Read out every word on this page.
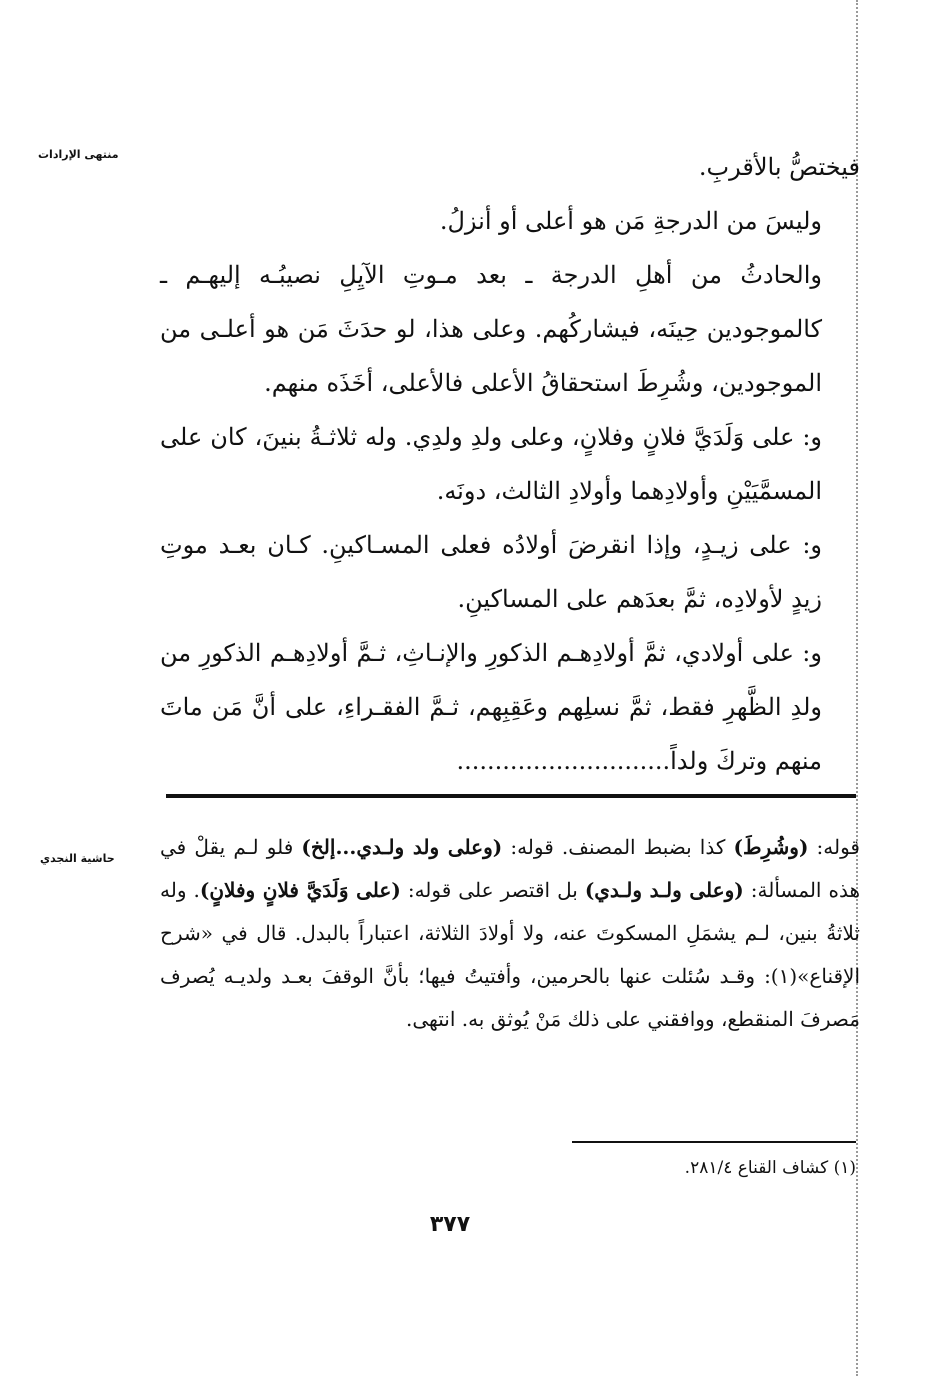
منتهى الإرادات	فيختصُّ بالأقربِ.

وليسَ من الدرجةِ مَن هو أعلى أو أنزلُ.

والحادثُ من أهلِ الدرجة ـ بعد مـوتِ الآيِلِ نصيبُـه إليهـم ـ كالموجودين حِينَه، فيشاركُهم. وعلى هذا، لو حدَثَ مَن هو أعلـى من الموجودين، وشُرِطَ استحقاقُ الأعلى فالأعلى، أخَذَه منهم.

و: على وَلَدَيَّ فلانٍ وفلانٍ، وعلى ولدِ ولدِي. وله ثلاثـةُ بنينَ، كان على المسمَّيَيْنِ وأولادِهما وأولادِ الثالث، دونَه.

و: على زيـدٍ، وإذا انقرضَ أولادُه فعلى المسـاكينِ. كـان بعـد موتِ زيدٍ لأولادِه، ثمَّ بعدَهم على المساكينِ.

و: على أولادي، ثمَّ أولادِهـم الذكورِ والإنـاثِ، ثـمَّ أولادِهـم الذكورِ من ولدِ الظَّهرِ فقط، ثمَّ نسلِهم وعَقِبِهم، ثـمَّ الفقـراءِ، على أنَّ مَن ماتَ منهم وتركَ ولداً............................

حاشية النجدي	قوله: (وشُرِطَ) كذا بضبط المصنف. قوله: (وعلى ولد ولـدي...إلخ) فلو لـم يقلْ في هذه المسألة: (وعلى ولـد ولـدي) بل اقتصر على قوله: (على وَلَدَيَّ فلانٍ وفلانٍ). وله ثلاثةُ بنين، لـم يشمَلِ المسكوتَ عنه، ولا أولادَ الثلاثة، اعتباراً بالبدل. قال في «شرح الإقناع»(١): وقـد سُئلت عنها بالحرمين، وأفتيتُ فيها؛ بأنَّ الوقفَ بعـد ولديـه يُصرف مَصرفَ المنقطع، ووافقني على ذلك مَنْ يُوثق به. انتهى.

(١) كشاف القناع ٢٨١/٤.
٣٧٧
